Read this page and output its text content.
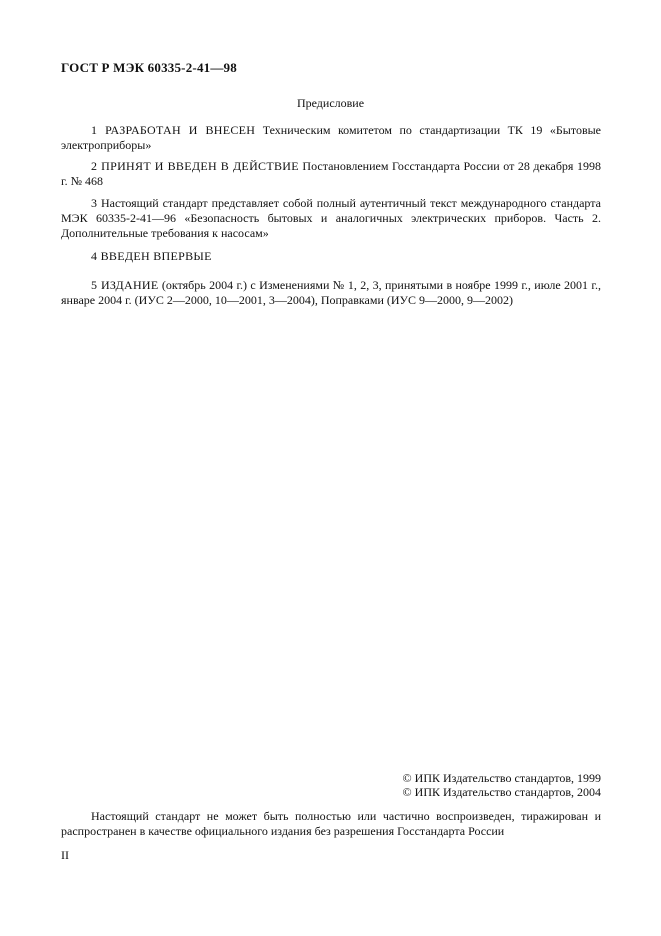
ГОСТ Р МЭК 60335-2-41—98
Предисловие

1 РАЗРАБОТАН И ВНЕСЕН Техническим комитетом по стандартизации ТК 19 «Бытовые электроприборы»

2 ПРИНЯТ И ВВЕДЕН В ДЕЙСТВИЕ Постановлением Госстандарта России от 28 декабря 1998 г. № 468

3 Настоящий стандарт представляет собой полный аутентичный текст международного стандарта МЭК 60335-2-41—96 «Безопасность бытовых и аналогичных электрических приборов. Часть 2. Дополнительные требования к насосам»

4 ВВЕДЕН ВПЕРВЫЕ

5 ИЗДАНИЕ (октябрь 2004 г.) с Изменениями № 1, 2, 3, принятыми в ноябре 1999 г., июле 2001 г., январе 2004 г. (ИУС 2—2000, 10—2001, 3—2004), Поправками (ИУС 9—2000, 9—2002)

© ИПК Издательство стандартов, 1999
© ИПК Издательство стандартов, 2004

Настоящий стандарт не может быть полностью или частично воспроизведен, тиражирован и распространен в качестве официального издания без разрешения Госстандарта России

II
